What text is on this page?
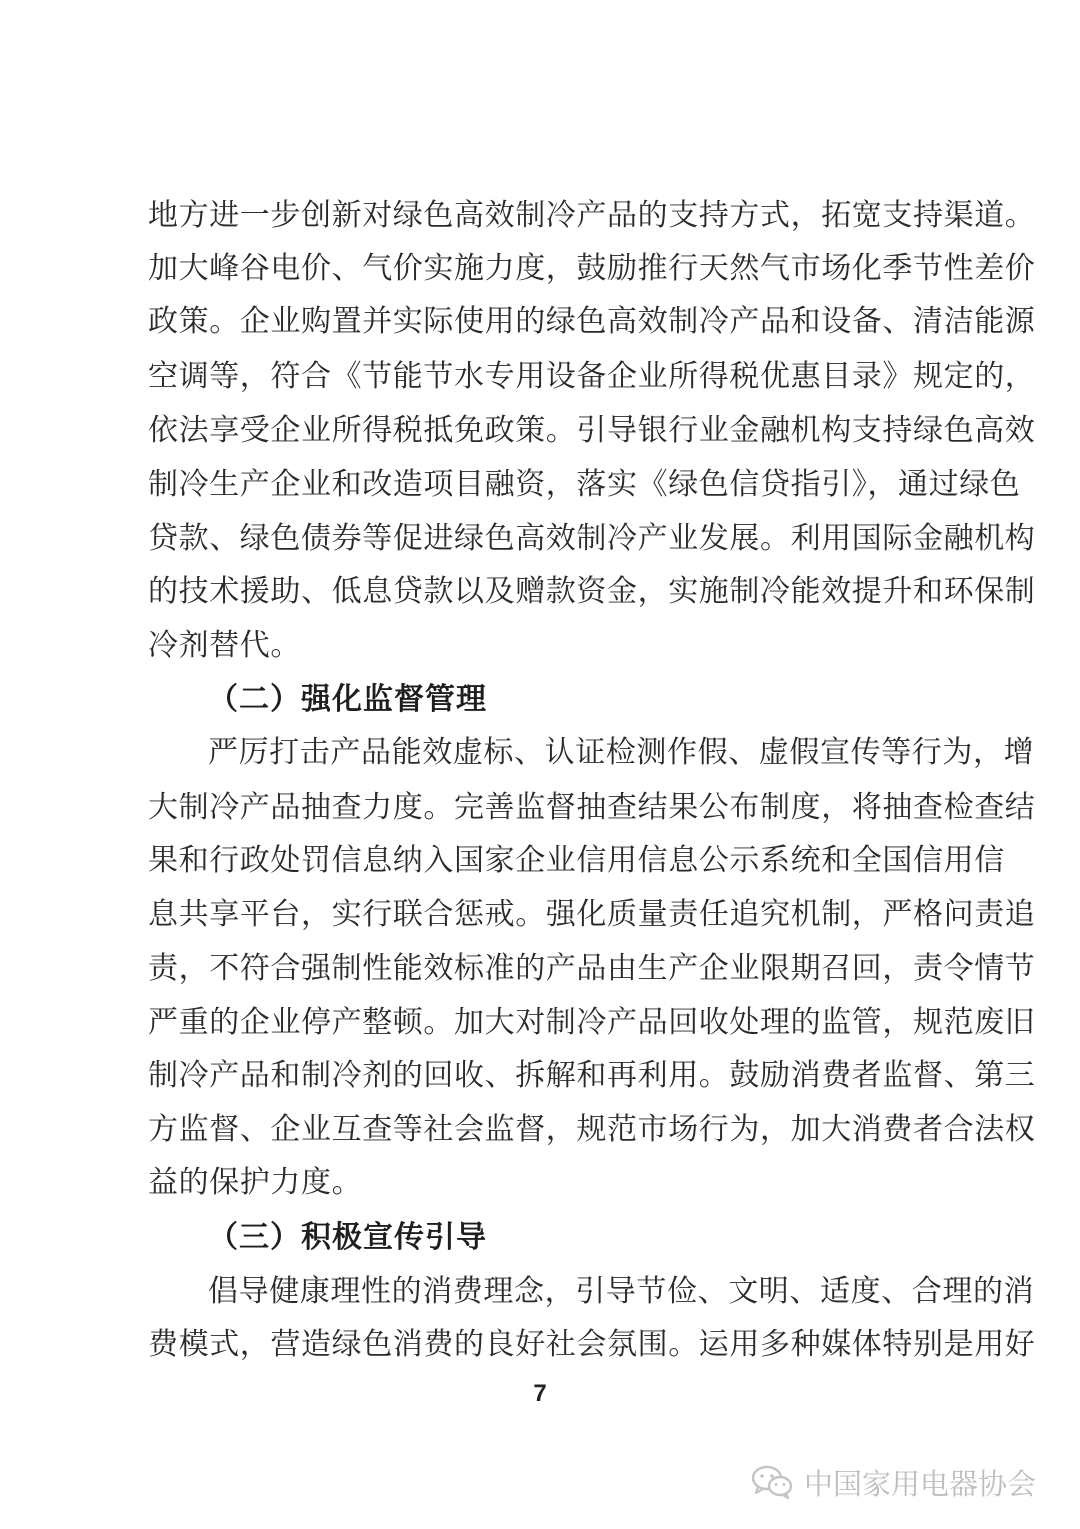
地方进一步创新对绿色高效制冷产品的支持方式，拓宽支持渠道。
加大峰谷电价、气价实施力度，鼓励推行天然气市场化季节性差价
政策。企业购置并实际使用的绿色高效制冷产品和设备、清洁能源
空调等，符合《节能节水专用设备企业所得税优惠目录》规定的，
依法享受企业所得税抵免政策。引导银行业金融机构支持绿色高效
制冷生产企业和改造项目融资，落实《绿色信贷指引》，通过绿色
贷款、绿色债券等促进绿色高效制冷产业发展。利用国际金融机构
的技术援助、低息贷款以及赠款资金，实施制冷能效提升和环保制
冷剂替代。
（二）强化监督管理
严厉打击产品能效虚标、认证检测作假、虚假宣传等行为，增
大制冷产品抽查力度。完善监督抽查结果公布制度，将抽查检查结
果和行政处罚信息纳入国家企业信用信息公示系统和全国信用信
息共享平台，实行联合惩戒。强化质量责任追究机制，严格问责追
责，不符合强制性能效标准的产品由生产企业限期召回，责令情节
严重的企业停产整顿。加大对制冷产品回收处理的监管，规范废旧
制冷产品和制冷剂的回收、拆解和再利用。鼓励消费者监督、第三
方监督、企业互查等社会监督，规范市场行为，加大消费者合法权
益的保护力度。
（三）积极宣传引导
倡导健康理性的消费理念，引导节俭、文明、适度、合理的消
费模式，营造绿色消费的良好社会氛围。运用多种媒体特别是用好
7
中国家用电器协会
